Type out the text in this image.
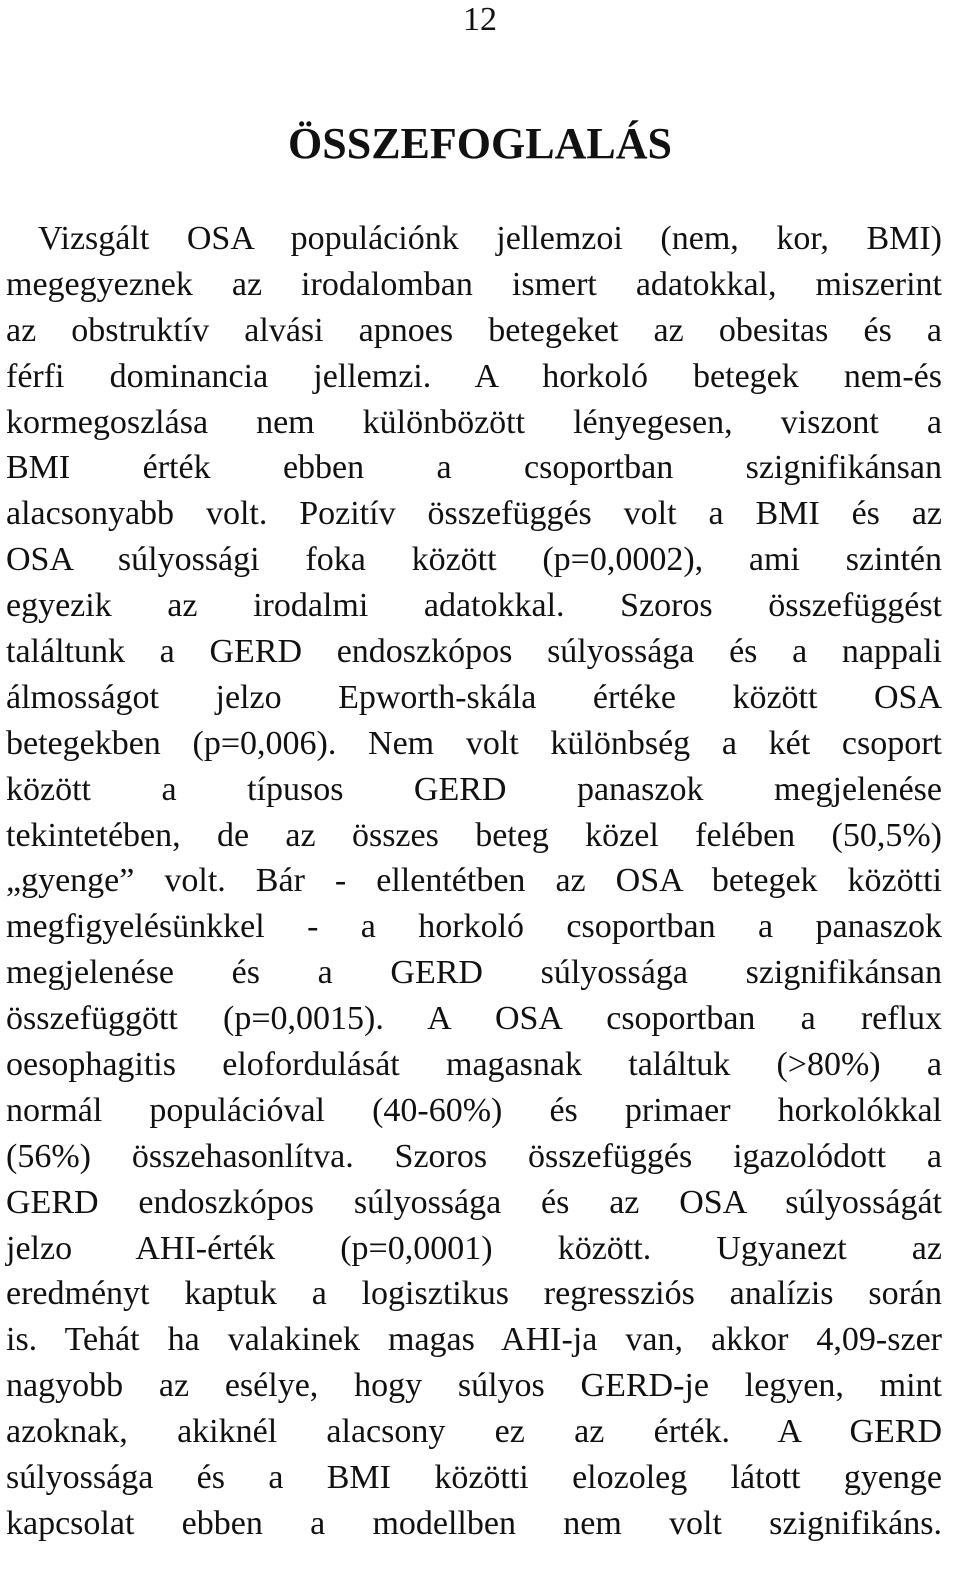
12
ÖSSZEFOGLALÁS
Vizsgált OSA populációnk jellemzoi (nem, kor, BMI)
megegyeznek az irodalomban ismert adatokkal, miszerint
az obstruktív alvási apnoes betegeket az obesitas és a
férfi dominancia jellemzi. A horkoló betegek nem-és
kormegoszlása nem különbözött lényegesen, viszont a
BMI érték ebben a csoportban szignifikánsan
alacsonyabb volt. Pozitív összefüggés volt a BMI és az
OSA súlyossági foka között (p=0,0002), ami szintén
egyezik az irodalmi adatokkal. Szoros összefüggést
találtunk a GERD endoszkópos súlyossága és a nappali
álmosságot jelzo Epworth-skála értéke között OSA
betegekben (p=0,006). Nem volt különbség a két csoport
között a típusos GERD panaszok megjelenése
tekintetében, de az összes beteg közel felében (50,5%)
„gyenge” volt. Bár - ellentétben az OSA betegek közötti
megfigyelésünkkel - a horkoló csoportban a panaszok
megjelenése és a GERD súlyossága szignifikánsan
összefüggött (p=0,0015). A OSA csoportban a reflux
oesophagitis elofordulását magasnak találtuk (>80%) a
normál populációval (40-60%) és primaer horkolókkal
(56%) összehasonlítva. Szoros összefüggés igazolódott a
GERD endoszkópos súlyossága és az OSA súlyosságát
jelzo AHI-érték (p=0,0001) között. Ugyanezt az
eredményt kaptuk a logisztikus regressziós analízis során
is. Tehát ha valakinek magas AHI-ja van, akkor 4,09-szer
nagyobb az esélye, hogy súlyos GERD-je legyen, mint
azoknak, akiknél alacsony ez az érték. A GERD
súlyossága és a BMI közötti elozoleg látott gyenge
kapcsolat ebben a modellben nem volt szignifikáns.
